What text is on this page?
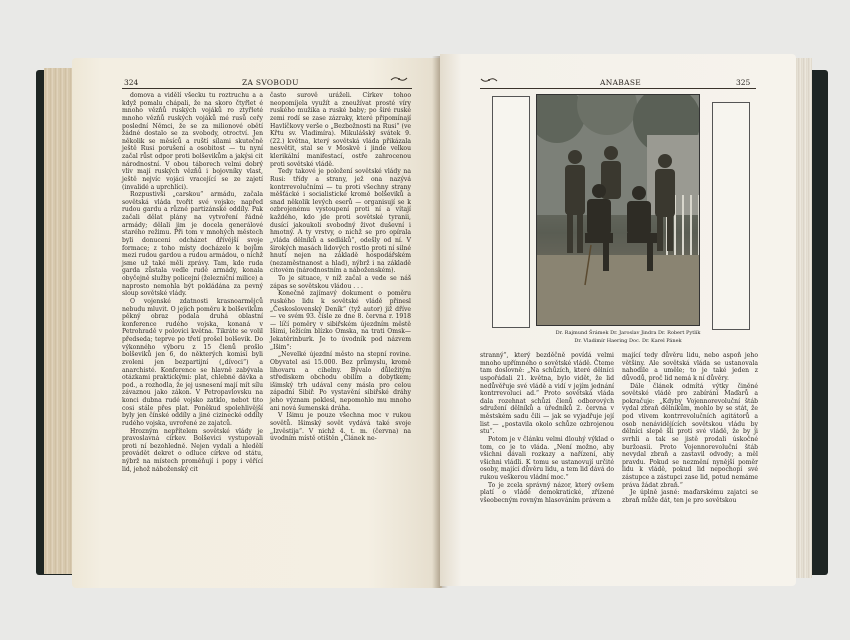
324	ZA SVOBODU

domova a vidělí všecku tu roztruchu a a když pomalu chápali, že na skoro čtyřlet é mnoho vězňů ruských vojáků ro ztyřleté mnoho vězňů ruských vojáků mé rusů ceřy poslední Němci, že se za milionové obětí žádné dostalo se za svobody, otroctví. Jen několik se měsíců a ruští sílami skutečně ještě Rusi porušení a osobitost — tu nyní začal růst odpor proti bolševikům a jakýsi cit národnostní. V obou táborech velmi dobrý vliv mají ruských vězňů i bojovníky vlast, ještě nejvíc vojáci vracející se ze zajetí (invalidé a uprchlíci).

Rozpustivši „carskou“ armádu, začala sovětská vláda tvořit své vojsko; napřed rudou gardu a různé partizánské oddíly. Pak začali dělat plány na vytvoření řádné armády; dělali jim je docela generálové starého režimu. Při tom v mnohých městech byli donuceni odcházet dřívější svoje formace; z toho místy docházelo k bojům mezi rudou gardou a rudou armádou, o nichž jsme už také měli zprávy. Tam, kde ruda garda zůstala vedle rudé armády, konala obyčejně služby policejní (železniční milice) a naprosto nemohla být pokládána za pevný sloup sovětské vlády.

O vojenské zdatnosti krasnoarmějců nebudu mluvit. O jejich poměru k bolševikům pěkný obraz podala druhá oblastní konference rudého vojska, konaná v Petrohradě v polovici května. Tikráte se volil předseda; teprve po třetí prošel bolševik. Do výkonného výboru z 15 členů prošlo bolševiků jen 6, do některých komisí byli zvoleni jen bezpartijní („dívoci“) a anarchisté. Konference se hlavně zabývala otázkami praktickými: plat, chlebné dávka a pod., a rozhodla, že jej usnesení mají mít sílu závaznou jako zákon. V Petropavlovsku na konci dubna rudé vojsko zatklo, nebot tito cosi stále přes plat. Poněkud spolehlivější byly jen čínské oddíly a jiné cizinecké oddíly rudého vojska, uvrořené ze zajatců.

Hrozným nepřítelem sovětské vlády je pravoslavná církev. Bolševici vystupovali proti ní bezohledně. Nejen vydali a hledělí provádět dekret o odluce církve od státu, nýbrž na místech proměňují i popy i věřící lid, jehož náboženský cit

často surově uráželi. Církev tohoo neopomíjela využít a zneužívat prosté víry ruského mužika a ruské baby; po širé ruské zemi rodí se zase zázraky, které připomínají Havlíčkovy verše o „Bezbožnosti na Rusi“ (ve Křtu sv. Vladimíra). Mikulášský svátek 9. (22.) května, který sovětská vláda přikázala nesvětit, stal se v Moskvě i jinde velkou klerikální manifestací, ostře zahrocenou proti sovětské vládě.

Tedy takové je položení sovětské vlády na Rusi: třídy a strany, jež ona nazývá kontrrevolučními — tu proti všechny strany měšťácké i socialistické kromě bolševiků a snad několik levých eserů — organisují se k ozbrojenému vystoupení proti ní a vítají každého, kdo jde proti sovětské tyranii, dusící jakoukoli svobodný život duševní i hmotný. A ty vrstvy, o nichž se pro opírala „vláda dělníků a sedláků“, odešly od ní. V širokých masách lidových rostlo proti ní silné hnutí nejen na základě hospodářském (nezaměstnanost a hlad), nýbrž i na základě citovém (národnostním a náboženském).

To je situace, v níž začal a vede se náš zápas se sovětskou vládou . . .

Konečně zajímavý dokument o poměru ruského lidu k sovětské vládě přinesl „Československý Deník“ (tyž autor) již dříve — ve svém 93. čísle ze dne 8. června r. 1918 — líčí poměry v sibiřském újezdním městě Išimi, ležícím blízko Omska, na trati Omsk—Jekatěrinburk. Je to úvodník pod názvem „Išim“:

„Nevelké újezdní město na stepní rovine. Obyvatel asi 15.000. Bez průmyslu, kromě lihovaru a cihelny. Bývalo důležitým střediskem obchodu obilím a dobytkem; išimský trh udával ceny másla pro celou západní Sibiř. Po vystavění sibiřské dráhy jeho význam poklesl, nepomohlo mu mnoho ani nová šumenská dráha.

V Išimu je pouze všechna moc v rukou sovětů. Išimský sovět vydává také svoje „Izvěstija“. V nichž 4. t. m. (června) na úvodním místě otištěn „Článek ne-

ANABASE	325
Dr. Rajmund Šrámek Dr. Jaroslav Jindra Dr. Robert Pytlík
Dr. Vladimír Haering Doc. Dr. Karel Pánek

stranný“, který bezděčně povídá velmi mnoho upřímného o sovětské vládě. Čteme tam doslovně: „Na schůzích, které dělníci uspořádali 21. května, bylo vidět, že lid nedůvěřuje své vládě a vidí v jejím jednání kontrrevoluci ad.“ Proto sovětská vláda dala rozehnat schůzi členů odborových sdružení dělníků a úředníků 2. června v městském sadu čili — jak se vyjadřuje její list — „postavila okolo schůze ozbrojenou stu“.

Potom je v článku velmi dlouhý výklad o tom, co je to vláda. „Není možno, aby všichni dávali rozkazy a nařízení, aby všichni vládli. K tomu se ustanovují určité osoby, mající důvěru lidu, a tem lid dává do rukou veškerou vládní moc.“

To je zcela správný názor, který ovšem platí o vládě demokratické, zřízené všeobecným rovným hlasováním právem a

mající tedy důvěru lidu, nebo aspoň jeho většiny. Ale sovětská vláda se ustanovala nahodile a uměle; to je také jeden z důvodů, proč lid nemá k ní důvěry.

Dále článek odmítá výtky činěné sovětské vládě pro zabírání Maďarů a pokračuje: „Kdyby Vojennorevoluční štáb vydal zbraň dělníkům, mohlo by se stát, že pod vlivem kontrrevolučních agitátorů a osob nenávidějících sovětskou vládu by dělníci slepě šli proti své vládě, že by ji svrhli a tak se jistě prodali úskočné buržoasii. Proto Vojennorevoluční štáb nevydal zbraň a zastavil odvody; a měl pravdu. Pokud se nezmění nynější poměr lidu k vládě, pokud lid nepochopí své zástupce a zástupci zase lid, potud nemáme práva žádat zbraň.“

Je úplně jasné: maďarskému zajatci se zbraň může dát, ten je pro sovětskou
